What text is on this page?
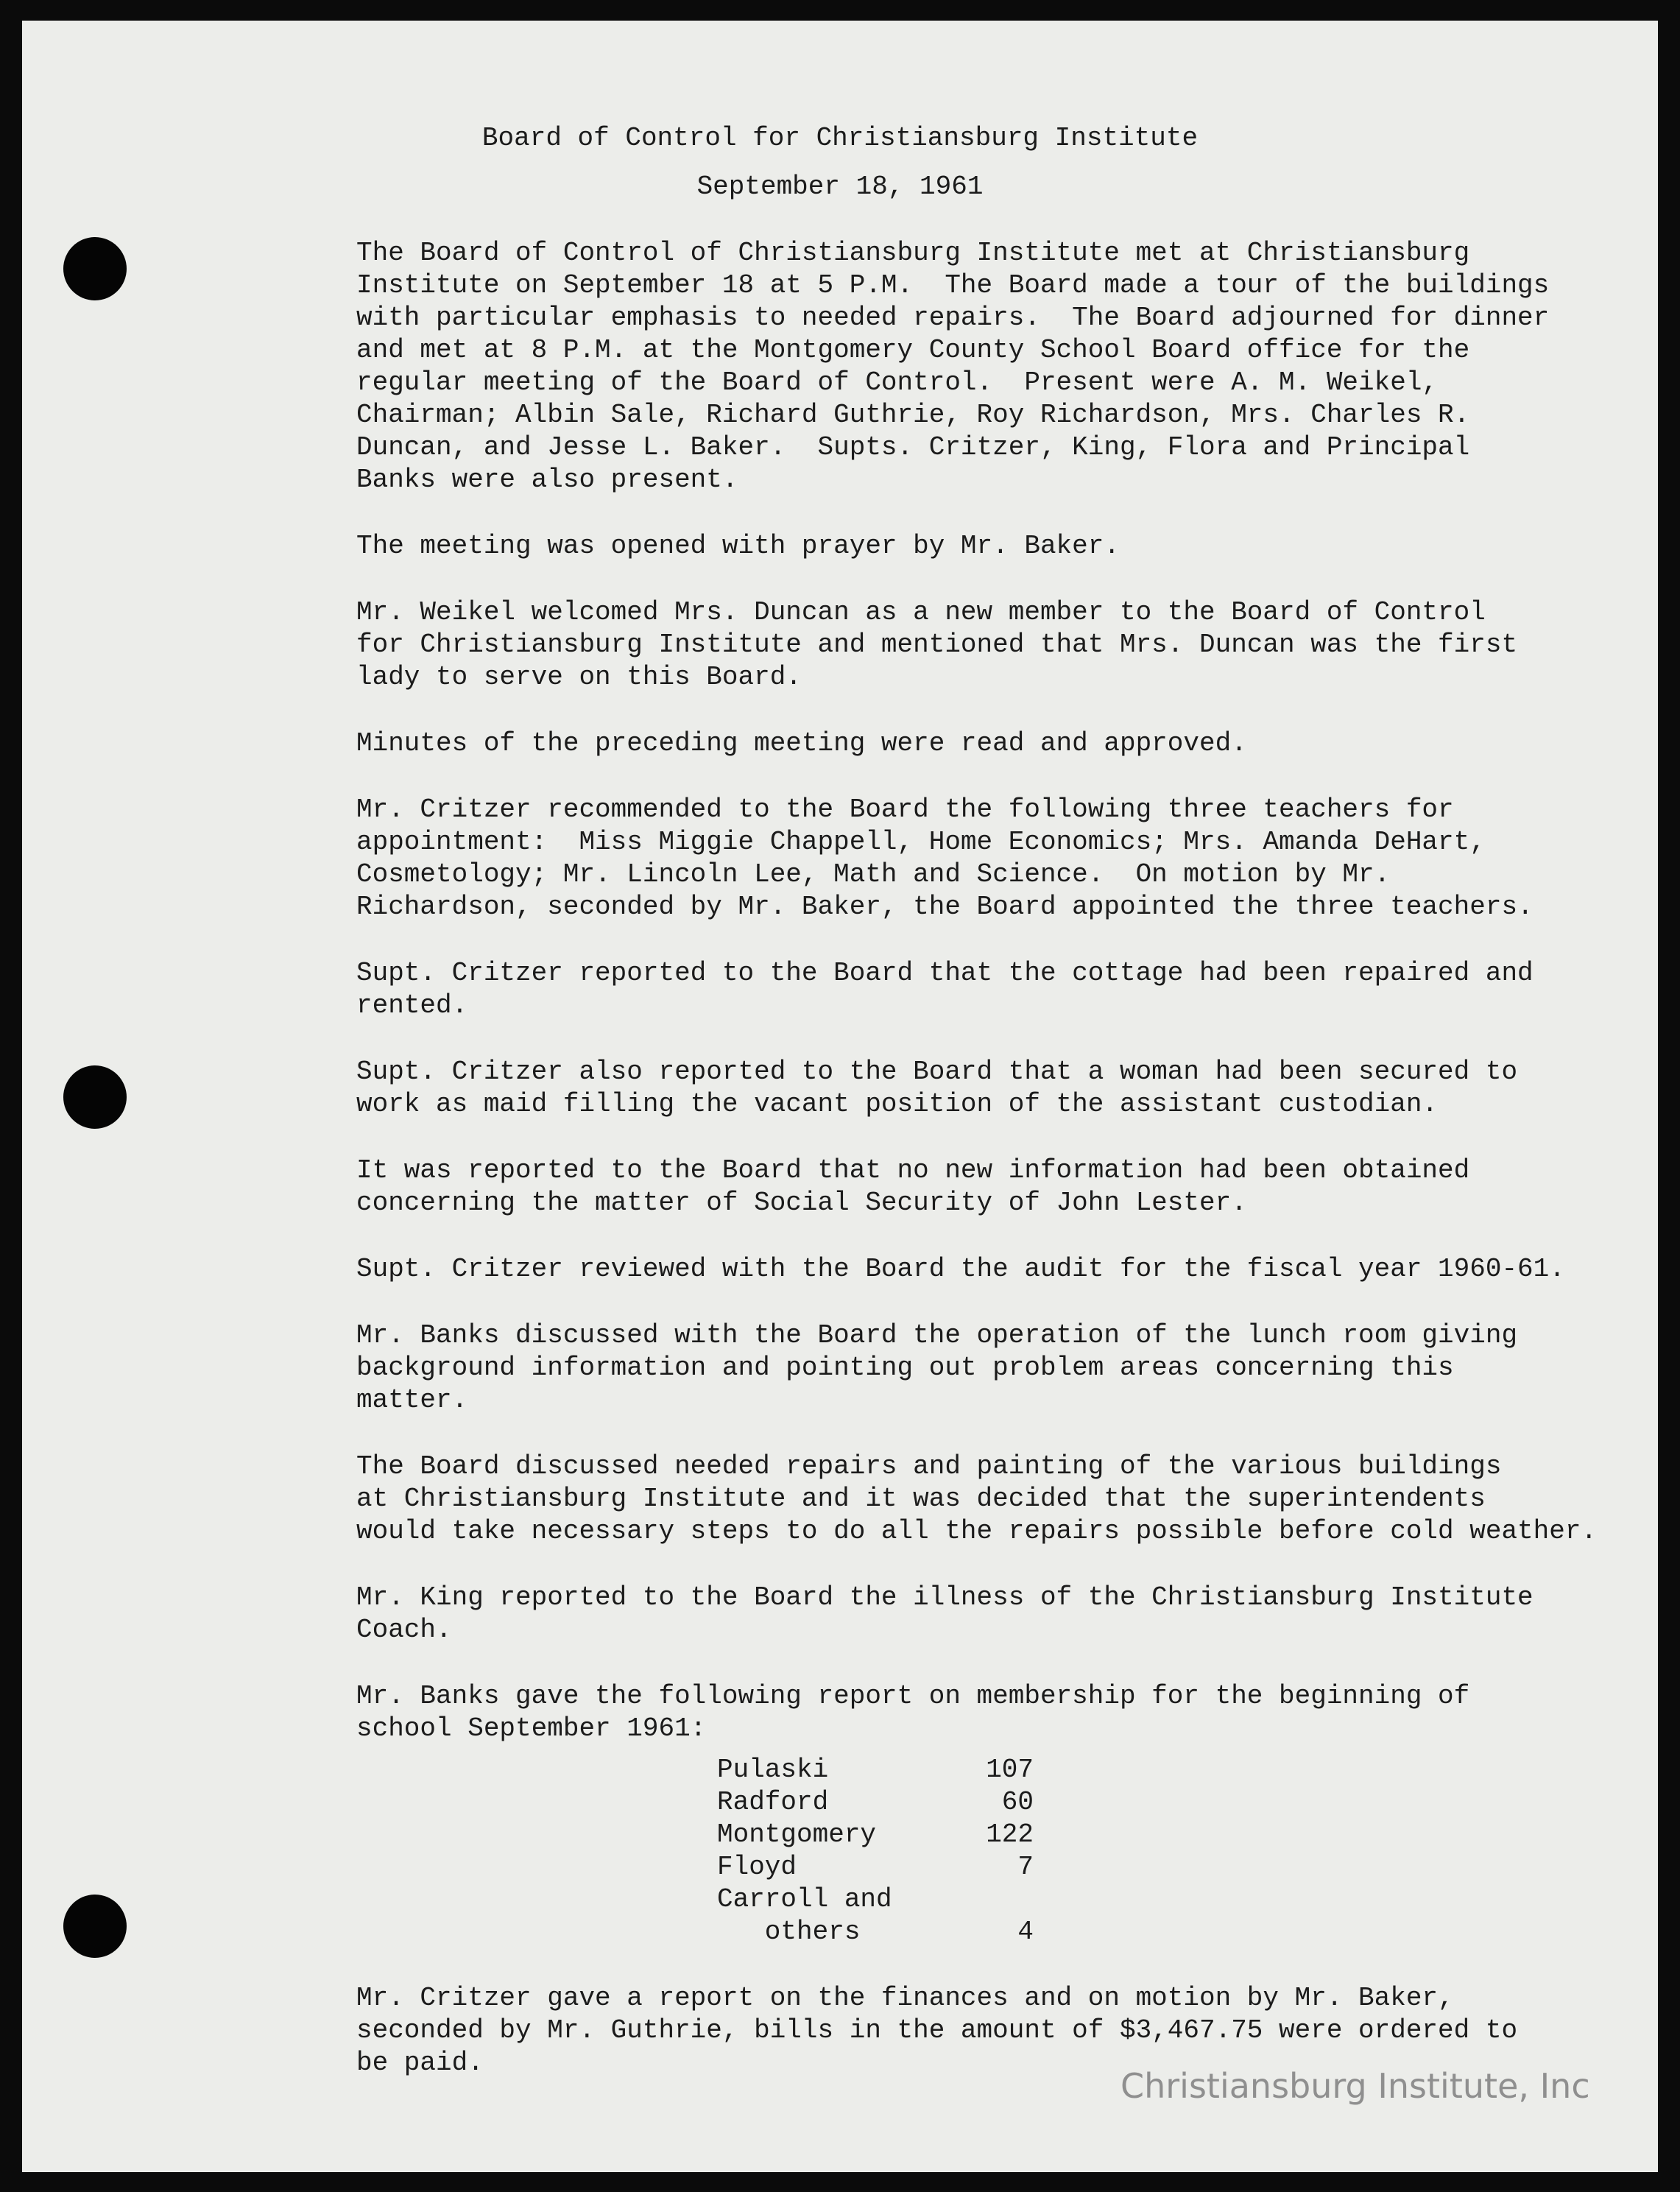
Board of Control for Christiansburg Institute
September 18, 1961

The Board of Control of Christiansburg Institute met at Christiansburg
Institute on September 18 at 5 P.M.  The Board made a tour of the buildings
with particular emphasis to needed repairs.  The Board adjourned for dinner
and met at 8 P.M. at the Montgomery County School Board office for the
regular meeting of the Board of Control.  Present were A. M. Weikel,
Chairman; Albin Sale, Richard Guthrie, Roy Richardson, Mrs. Charles R.
Duncan, and Jesse L. Baker.  Supts. Critzer, King, Flora and Principal
Banks were also present.

The meeting was opened with prayer by Mr. Baker.

Mr. Weikel welcomed Mrs. Duncan as a new member to the Board of Control
for Christiansburg Institute and mentioned that Mrs. Duncan was the first
lady to serve on this Board.

Minutes of the preceding meeting were read and approved.

Mr. Critzer recommended to the Board the following three teachers for
appointment:  Miss Miggie Chappell, Home Economics; Mrs. Amanda DeHart,
Cosmetology; Mr. Lincoln Lee, Math and Science.  On motion by Mr.
Richardson, seconded by Mr. Baker, the Board appointed the three teachers.

Supt. Critzer reported to the Board that the cottage had been repaired and
rented.

Supt. Critzer also reported to the Board that a woman had been secured to
work as maid filling the vacant position of the assistant custodian.

It was reported to the Board that no new information had been obtained
concerning the matter of Social Security of John Lester.

Supt. Critzer reviewed with the Board the audit for the fiscal year 1960-61.

Mr. Banks discussed with the Board the operation of the lunch room giving
background information and pointing out problem areas concerning this
matter.

The Board discussed needed repairs and painting of the various buildings
at Christiansburg Institute and it was decided that the superintendents
would take necessary steps to do all the repairs possible before cold weather.

Mr. King reported to the Board the illness of the Christiansburg Institute
Coach.

Mr. Banks gave the following report on membership for the beginning of
school September 1961:

Pulaski	107
Radford	60
Montgomery	122
Floyd	7
Carroll and
others	4

Mr. Critzer gave a report on the finances and on motion by Mr. Baker,
seconded by Mr. Guthrie, bills in the amount of $3,467.75 were ordered to
be paid.

Christiansburg Institute, Inc
